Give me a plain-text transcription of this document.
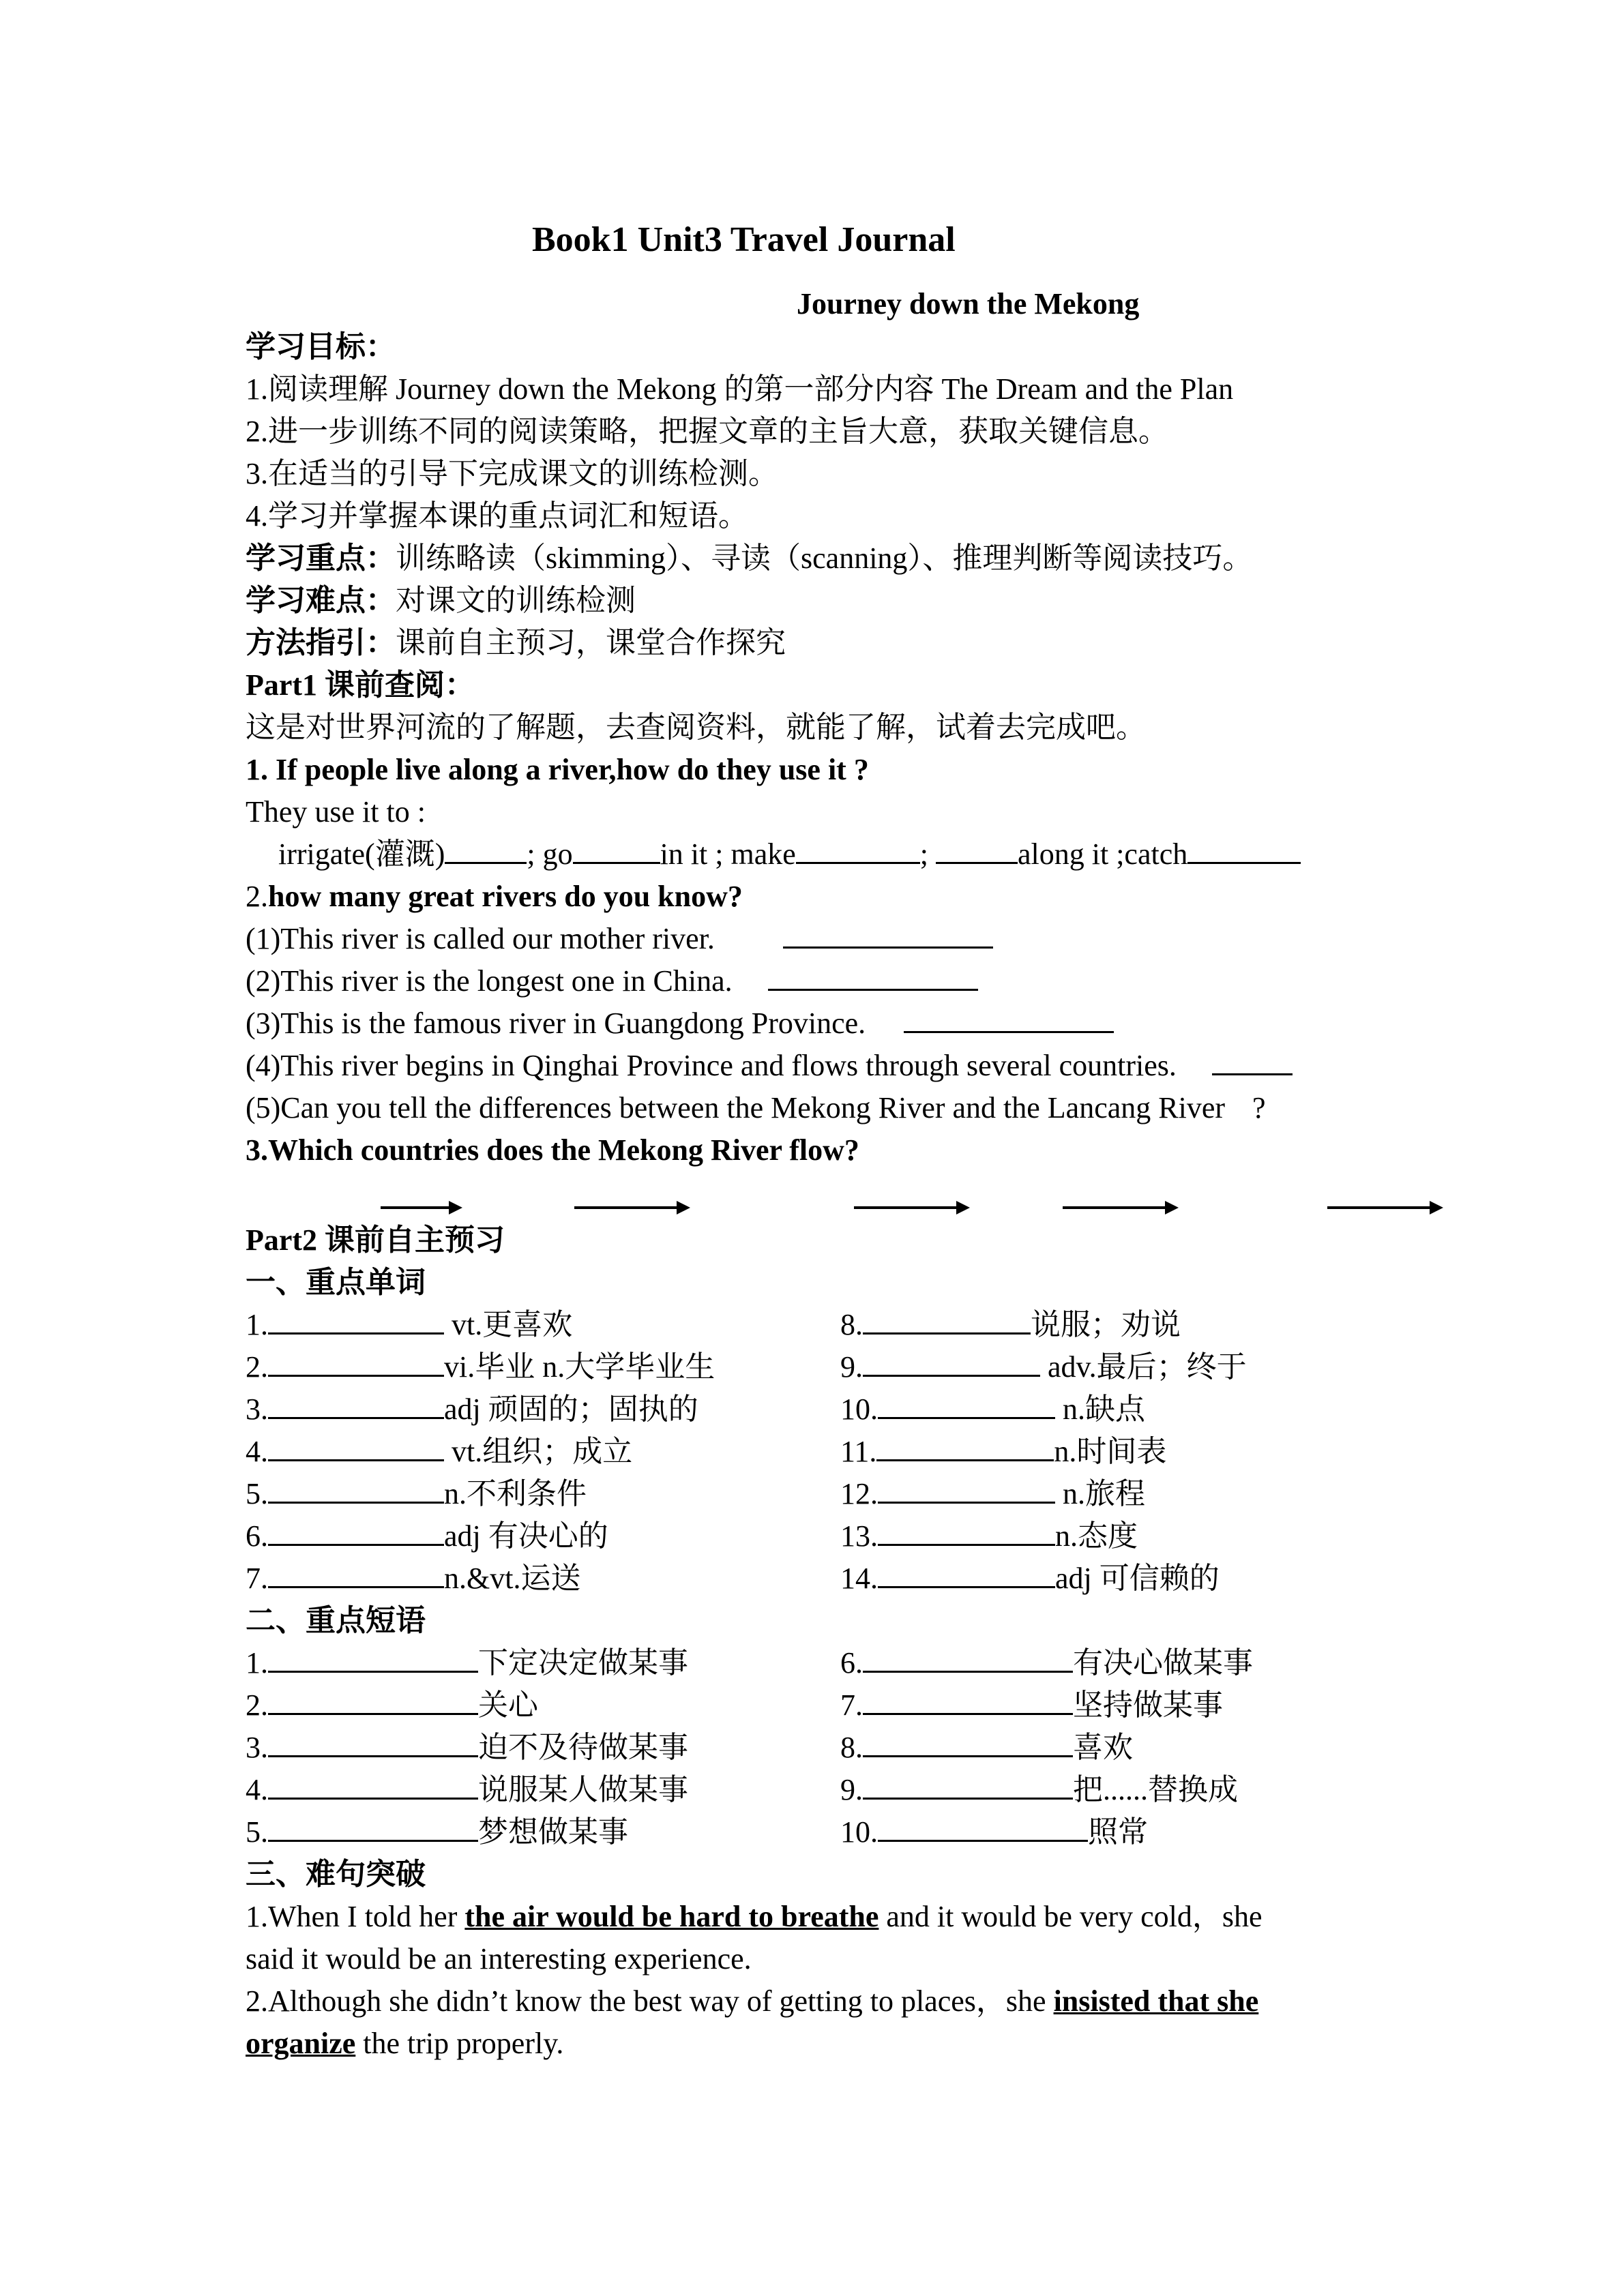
Book1 Unit3 Travel Journal
Journey down the Mekong
学习目标：
1.阅读理解 Journey down the Mekong 的第一部分内容 The Dream and the Plan
2.进一步训练不同的阅读策略，把握文章的主旨大意，获取关键信息。
3.在适当的引导下完成课文的训练检测。
4.学习并掌握本课的重点词汇和短语。
学习重点：训练略读（skimming）、寻读（scanning）、推理判断等阅读技巧。
学习难点：对课文的训练检测
方法指引：课前自主预习，课堂合作探究
Part1 课前查阅：
这是对世界河流的了解题，去查阅资料，就能了解，试着去完成吧。
1. If people live along a river,how do they use it ?
They use it to :
irrigate(灌溉)	; go	in it ; make	;	along it ;catch
2.how many great rivers do you know?
(1)This river is called our mother river.
(2)This river is the longest one in China.
(3)This is the famous river in Guangdong Province.
(4)This river begins in Qinghai Province and flows through several countries.
(5)Can you tell the differences between the Mekong River and the Lancang River ?
3.Which countries does the Mekong River flow?
Part2 课前自主预习
一、重点单词
1.	vt.更喜欢
2.	vi.毕业 n.大学毕业生
3.	adj 顽固的；固执的
4.	vt.组织；成立
5.	n.不利条件
6.	adj 有决心的
7.	n.&vt.运送
8.	说服；劝说
9.	adv.最后；终于
10.	n.缺点
11.	n.时间表
12.	n.旅程
13.	n.态度
14.	adj 可信赖的
二、重点短语
1.	下定决定做某事
2.	关心
3.	迫不及待做某事
4.	说服某人做某事
5.	梦想做某事
6.	有决心做某事
7.	坚持做某事
8.	喜欢
9.	把......替换成
10.	照常
三、难句突破
1.When I told her the air would be hard to breathe and it would be very cold，she
said it would be an interesting experience.
2.Although she didn’t know the best way of getting to places，she insisted that she
organize the trip properly.
